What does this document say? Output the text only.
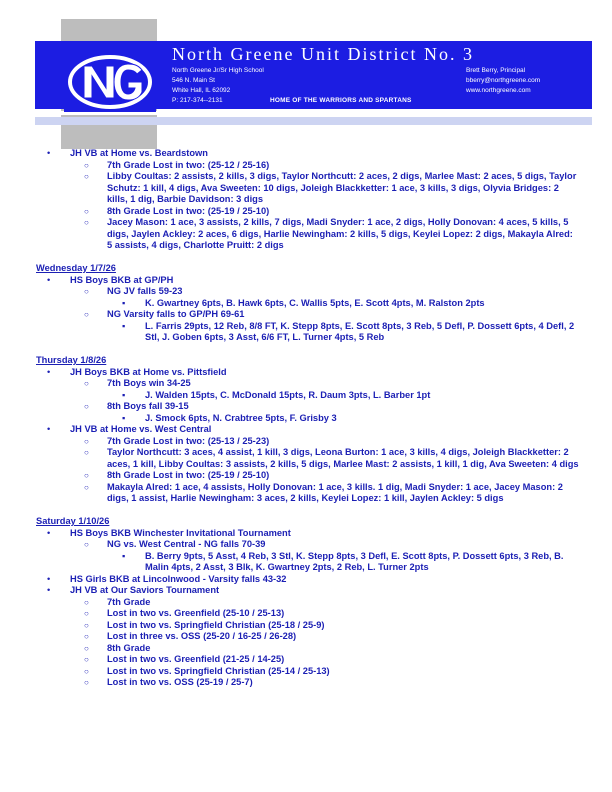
North Greene Unit District No. 3
North Greene Jr/Sr High School
546 N. Main St
White Hall, IL 62092
P: 217-374--2131
Brett Berry, Principal
bberry@northgreene.com
www.northgreene.com
HOME OF THE WARRIORS AND SPARTANS
• JH VB at Home vs. Beardstown
○ 7th Grade Lost in two: (25-12 / 25-16)
○ Libby Coultas: 2 assists, 2 kills, 3 digs, Taylor Northcutt: 2 aces, 2 digs, Marlee Mast: 2 aces, 5 digs, Taylor Schutz: 1 kill, 4 digs, Ava Sweeten: 10 digs, Joleigh Blackketter: 1 ace, 3 kills, 3 digs, Olyvia Bridges: 2 kills, 1 dig, Barbie Davidson: 3 digs
○ 8th Grade Lost in two: (25-19 / 25-10)
○ Jacey Mason: 1 ace, 3 assists, 2 kills, 7 digs, Madi Snyder: 1 ace, 2 digs, Holly Donovan: 4 aces, 5 kills, 5 digs, Jaylen Ackley: 2 aces, 6 digs, Harlie Newingham: 2 kills, 5 digs, Keylei Lopez: 2 digs, Makayla Alred: 5 assists, 4 digs, Charlotte Pruitt: 2 digs
Wednesday 1/7/26
• HS Boys BKB at GP/PH
○ NG JV falls 59-23
▪ K. Gwartney 6pts, B. Hawk 6pts, C. Wallis 5pts, E. Scott 4pts, M. Ralston 2pts
○ NG Varsity falls to GP/PH 69-61
▪ L. Farris 29pts, 12 Reb, 8/8 FT, K. Stepp 8pts, E. Scott 8pts, 3 Reb, 5 Defl, P. Dossett 6pts, 4 Defl, 2 Stl, J. Goben 6pts, 3 Asst, 6/6 FT, L. Turner 4pts, 5 Reb
Thursday 1/8/26
• JH Boys BKB at Home vs. Pittsfield
○ 7th Boys win 34-25
▪ J. Walden 15pts, C. McDonald 15pts, R. Daum 3pts, L. Barber 1pt
○ 8th Boys fall 39-15
▪ J. Smock 6pts, N. Crabtree 5pts, F. Grisby 3
• JH VB at Home vs. West Central
○ 7th Grade Lost in two: (25-13 / 25-23)
○ Taylor Northcutt: 3 aces, 4 assist, 1 kill, 3 digs, Leona Burton: 1 ace, 3 kills, 4 digs, Joleigh Blackketter: 2 aces, 1 kill, Libby Coultas: 3 assists, 2 kills, 5 digs, Marlee Mast: 2 assists, 1 kill, 1 dig, Ava Sweeten: 4 digs
○ 8th Grade Lost in two: (25-19 / 25-10)
○ Makayla Alred: 1 ace, 4 assists, Holly Donovan: 1 ace, 3 kills. 1 dig, Madi Snyder: 1 ace, Jacey Mason: 2 digs, 1 assist, Harlie Newingham: 3 aces, 2 kills, Keylei Lopez: 1 kill, Jaylen Ackley: 5 digs
Saturday 1/10/26
• HS Boys BKB Winchester Invitational Tournament
○ NG vs. West Central - NG falls 70-39
▪ B. Berry 9pts, 5 Asst, 4 Reb, 3 Stl, K. Stepp 8pts, 3 Defl, E. Scott 8pts, P. Dossett 6pts, 3 Reb, B. Malin 4pts, 2 Asst, 3 Blk, K. Gwartney 2pts, 2 Reb, L. Turner 2pts
• HS Girls BKB at Lincolnwood - Varsity falls 43-32
• JH VB at Our Saviors Tournament
○ 7th Grade
○ Lost in two vs. Greenfield (25-10 / 25-13)
○ Lost in two vs. Springfield Christian (25-18 / 25-9)
○ Lost in three vs. OSS (25-20 / 16-25 / 26-28)
○ 8th Grade
○ Lost in two vs. Greenfield (21-25 / 14-25)
○ Lost in two vs. Springfield Christian (25-14 / 25-13)
○ Lost in two vs. OSS (25-19 / 25-7)
